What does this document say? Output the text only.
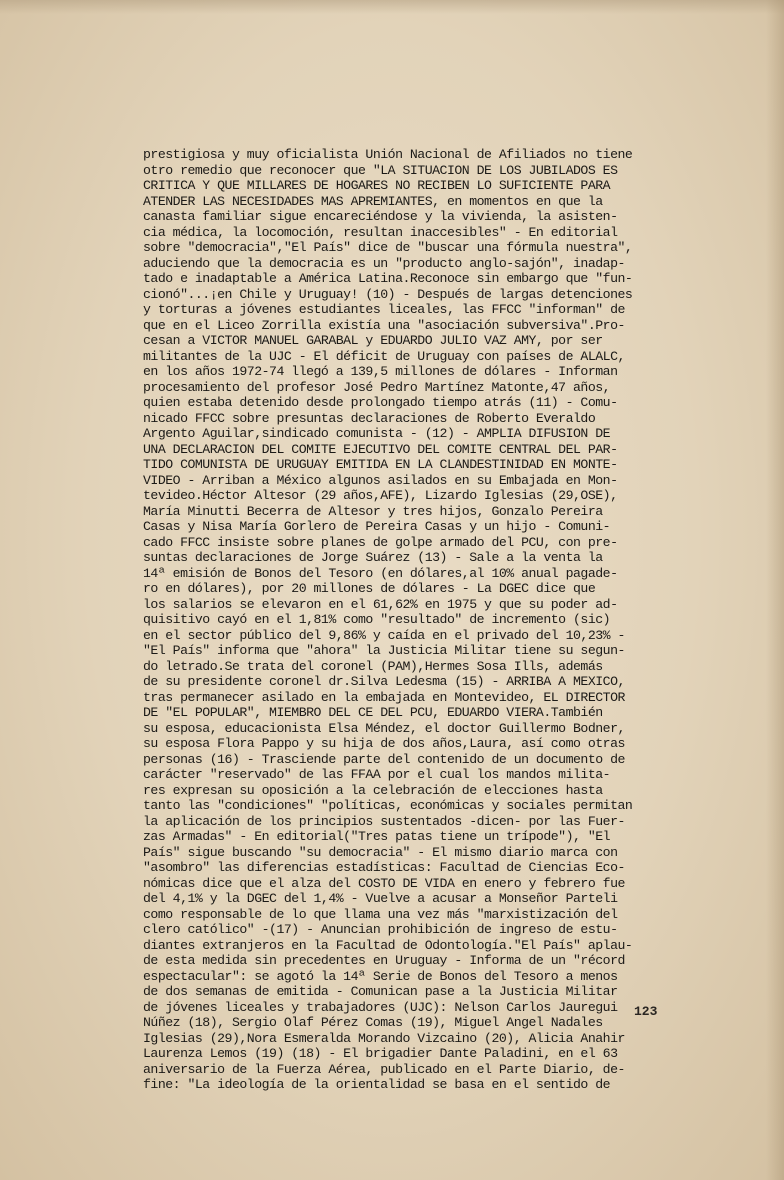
prestigiosa y muy oficialista Unión Nacional de Afiliados no tiene
otro remedio que reconocer que "LA SITUACION DE LOS JUBILADOS ES
CRITICA Y QUE MILLARES DE HOGARES NO RECIBEN LO SUFICIENTE PARA
ATENDER LAS NECESIDADES MAS APREMIANTES, en momentos en que la
canasta familiar sigue encareciéndose y la vivienda, la asisten-
cia médica, la locomoción, resultan inaccesibles" - En editorial
sobre "democracia","El País" dice de "buscar una fórmula nuestra",
aduciendo que la democracia es un "producto anglo-sajón", inadap-
tado e inadaptable a América Latina.Reconoce sin embargo que "fun-
cionó"...¡en Chile y Uruguay! (10) - Después de largas detenciones
y torturas a jóvenes estudiantes liceales, las FFCC "informan" de
que en el Liceo Zorrilla existía una "asociación subversiva".Pro-
cesan a VICTOR MANUEL GARABAL y EDUARDO JULIO VAZ AMY, por ser
militantes de la UJC - El déficit de Uruguay con países de ALALC,
en los años 1972-74 llegó a 139,5 millones de dólares - Informan
procesamiento del profesor José Pedro Martínez Matonte,47 años,
quien estaba detenido desde prolongado tiempo atrás (11) - Comu-
nicado FFCC sobre presuntas declaraciones de Roberto Everaldo
Argento Aguilar,sindicado comunista - (12) - AMPLIA DIFUSION DE
UNA DECLARACION DEL COMITE EJECUTIVO DEL COMITE CENTRAL DEL PAR-
TIDO COMUNISTA DE URUGUAY EMITIDA EN LA CLANDESTINIDAD EN MONTE-
VIDEO - Arriban a México algunos asilados en su Embajada en Mon-
tevideo.Héctor Altesor (29 años,AFE), Lizardo Iglesias (29,OSE),
María Minutti Becerra de Altesor y tres hijos, Gonzalo Pereira
Casas y Nisa María Gorlero de Pereira Casas y un hijo - Comuni-
cado FFCC insiste sobre planes de golpe armado del PCU, con pre-
suntas declaraciones de Jorge Suárez (13) - Sale a la venta la
14ª emisión de Bonos del Tesoro (en dólares,al 10% anual pagade-
ro en dólares), por 20 millones de dólares - La DGEC dice que
los salarios se elevaron en el 61,62% en 1975 y que su poder ad-
quisitivo cayó en el 1,81% como "resultado" de incremento (sic)
en el sector público del 9,86% y caída en el privado del 10,23% -
"El País" informa que "ahora" la Justicia Militar tiene su segun-
do letrado.Se trata del coronel (PAM),Hermes Sosa Ills, además
de su presidente coronel dr.Silva Ledesma (15) - ARRIBA A MEXICO,
tras permanecer asilado en la embajada en Montevideo, EL DIRECTOR
DE "EL POPULAR", MIEMBRO DEL CE DEL PCU, EDUARDO VIERA.También
su esposa, educacionista Elsa Méndez, el doctor Guillermo Bodner,
su esposa Flora Pappo y su hija de dos años,Laura, así como otras
personas (16) - Trasciende parte del contenido de un documento de
carácter "reservado" de las FFAA por el cual los mandos milita-
res expresan su oposición a la celebración de elecciones hasta
tanto las "condiciones" "políticas, económicas y sociales permitan
la aplicación de los principios sustentados -dicen- por las Fuer-
zas Armadas" - En editorial("Tres patas tiene un trípode"), "El
País" sigue buscando "su democracia" - El mismo diario marca con
"asombro" las diferencias estadísticas: Facultad de Ciencias Eco-
nómicas dice que el alza del COSTO DE VIDA en enero y febrero fue
del 4,1% y la DGEC del 1,4% - Vuelve a acusar a Monseñor Parteli
como responsable de lo que llama una vez más "marxistización del
clero católico" -(17) - Anuncian prohibición de ingreso de estu-
diantes extranjeros en la Facultad de Odontología."El País" aplau-
de esta medida sin precedentes en Uruguay - Informa de un "récord
espectacular": se agotó la 14ª Serie de Bonos del Tesoro a menos
de dos semanas de emitida - Comunican pase a la Justicia Militar
de jóvenes liceales y trabajadores (UJC): Nelson Carlos Jauregui
Núñez (18), Sergio Olaf Pérez Comas (19), Miguel Angel Nadales
Iglesias (29),Nora Esmeralda Morando Vizcaino (20), Alicia Anahir
Laurenza Lemos (19) (18) - El brigadier Dante Paladini, en el 63
aniversario de la Fuerza Aérea, publicado en el Parte Diario, de-
fine: "La ideología de la orientalidad se basa en el sentido de
123
